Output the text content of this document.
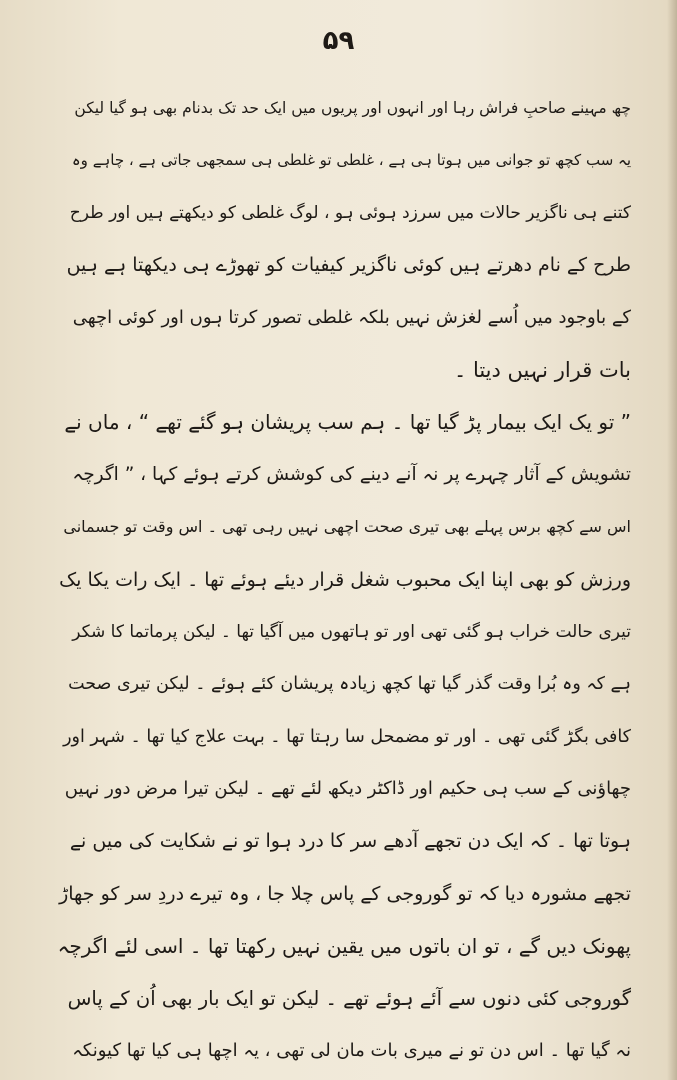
۵۹
چھ مہینے صاحبِ فراش رہا اور انہوں اور پریوں میں ایک حد تک بدنام بھی ہو گیا لیکن
یہ سب کچھ تو جوانی میں ہوتا ہی ہے ، غلطی تو غلطی ہی سمجھی جاتی ہے ، چاہے وہ
کتنے ہی ناگزیر حالات میں سرزد ہوئی ہو ، لوگ غلطی کو دیکھتے ہیں اور طرح
طرح کے نام دھرتے ہیں کوئی ناگزیر کیفیات کو تھوڑے ہی دیکھتا ہے ہیں
کے باوجود میں اُسے لغزش نہیں بلکہ غلطی تصور کرتا ہوں اور کوئی اچھی
بات قرار نہیں دیتا ۔
” تو یک ایک بیمار پڑ گیا تھا ۔ ہم سب پریشان ہو گئے تھے “ ، ماں نے
تشویش کے آثار چہرے پر نہ آنے دینے کی کوشش کرتے ہوئے کہا ، ” اگرچہ
اس سے کچھ برس پہلے بھی تیری صحت اچھی نہیں رہی تھی ۔ اس وقت تو جسمانی
ورزش کو بھی اپنا ایک محبوب شغل قرار دیئے ہوئے تھا ۔ ایک رات یکا یک
تیری حالت خراب ہو گئی تھی اور تو ہاتھوں میں آگیا تھا ۔ لیکن پرماتما کا شکر
ہے کہ وہ بُرا وقت گذر گیا تھا کچھ زیادہ پریشان کئے ہوئے ۔ لیکن تیری صحت
کافی بگڑ گئی تھی ۔ اور تو مضمحل سا رہتا تھا ۔ بہت علاج کیا تھا ۔ شہر اور
چھاؤنی کے سب ہی حکیم اور ڈاکٹر دیکھ لئے تھے ۔ لیکن تیرا مرض دور نہیں
ہوتا تھا ۔ کہ ایک دن تجھے آدھے سر کا درد ہوا تو نے شکایت کی میں نے
تجھے مشورہ دیا کہ تو گوروجی کے پاس چلا جا ، وہ تیرے دردِ سر کو جھاڑ
پھونک دیں گے ، تو ان باتوں میں یقین نہیں رکھتا تھا ۔ اسی لئے اگرچہ
گوروجی کئی دنوں سے آئے ہوئے تھے ۔ لیکن تو ایک بار بھی اُن کے پاس
نہ گیا تھا ۔ اس دن تو نے میری بات مان لی تھی ، یہ اچھا ہی کیا تھا کیونکہ
